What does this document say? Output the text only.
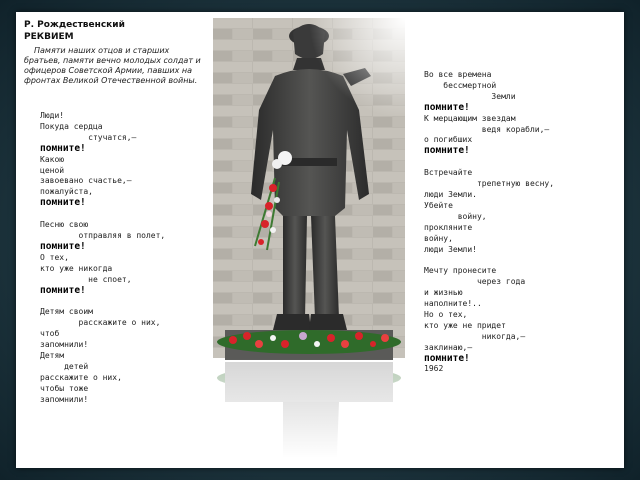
Р. Рождественский
РЕКВИЕМ
Памяти наших отцов и старших братьев, памяти вечно молодых солдат и офицеров Советской Армии, павших на фронтах Великой Отечественной войны.
Люди!
Покуда сердца
стучатся,—
помните!
Какою
ценой
завоевано счастье,—
пожалуйста,
помните!

Песню свою
отправляя в полет,
помните!
О тех,
кто уже никогда
не споет,
помните!

Детям своим
расскажите о них,
чтоб
запомнили!
Детям
детей
расскажите о них,
чтобы тоже
запомнили!
Во все времена
бессмертной
Земли
помните!
К мерцающим звездам
ведя корабли,—
о погибших
помните!

Встречайте
трепетную весну,
люди Земли.
Убейте
войну,
прокляните
войну,
люди Земли!

Мечту пронесите
через года
и жизнью
наполните!..
Но о тех,
кто уже не придет
никогда,—
заклинаю,—
помните!
1962
